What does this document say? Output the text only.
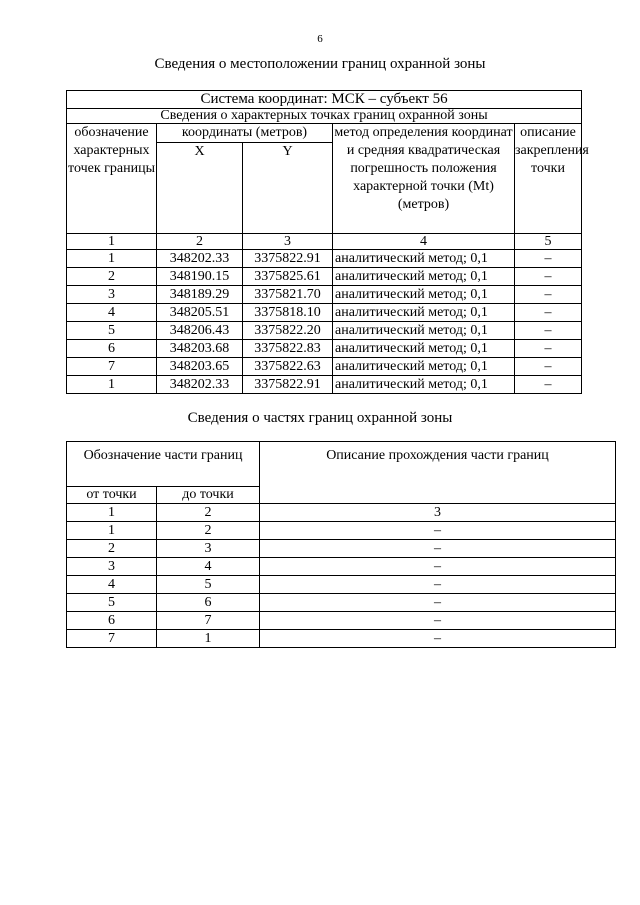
6
Сведения о местоположении границ охранной зоны
Система координат: МСК – субъект 56				
Сведения о характерных точках границ охранной зоны				
обозначение характерных точек границы	координаты (метров)		метод определения координат и средняя квадратическая погрешность положения характерной точки (Mt) (метров)	описание закрепления точки
	X	Y		
1	2	3	4	5
1	348202.33	3375822.91	аналитический метод; 0,1	–
2	348190.15	3375825.61	аналитический метод; 0,1	–
3	348189.29	3375821.70	аналитический метод; 0,1	–
4	348205.51	3375818.10	аналитический метод; 0,1	–
5	348206.43	3375822.20	аналитический метод; 0,1	–
6	348203.68	3375822.83	аналитический метод; 0,1	–
7	348203.65	3375822.63	аналитический метод; 0,1	–
1	348202.33	3375822.91	аналитический метод; 0,1	–
Сведения о частях границ охранной зоны
Обозначение части границ		Описание прохождения части границ
от точки	до точки	
1	2	3
1	2	–
2	3	–
3	4	–
4	5	–
5	6	–
6	7	–
7	1	–
